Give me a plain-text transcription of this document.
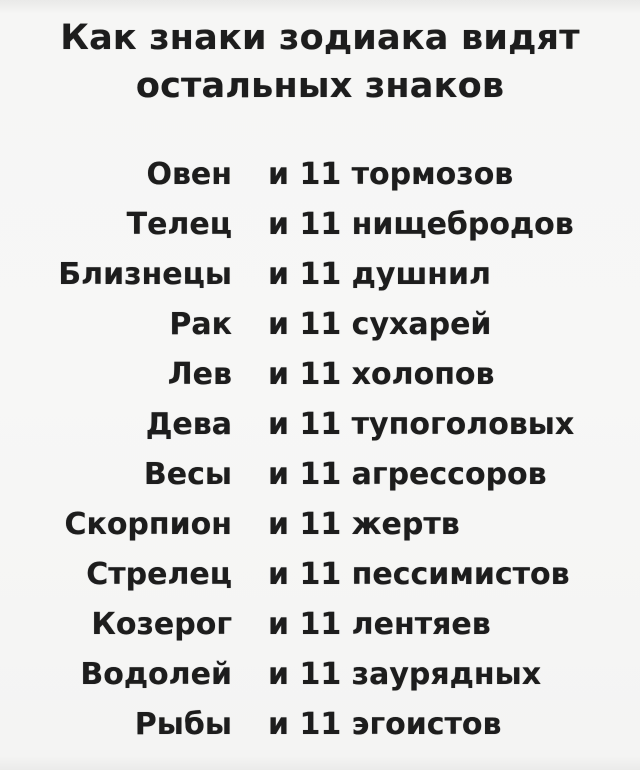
Как знаки зодиака видят
остальных знаков
Овен и 11 тормозов
Телец и 11 нищебродов
Близнецы и 11 душнил
Рак и 11 сухарей
Лев и 11 холопов
Дева и 11 тупоголовых
Весы и 11 агрессоров
Скорпион и 11 жертв
Стрелец и 11 пессимистов
Козерог и 11 лентяев
Водолей и 11 заурядных
Рыбы и 11 эгоистов
